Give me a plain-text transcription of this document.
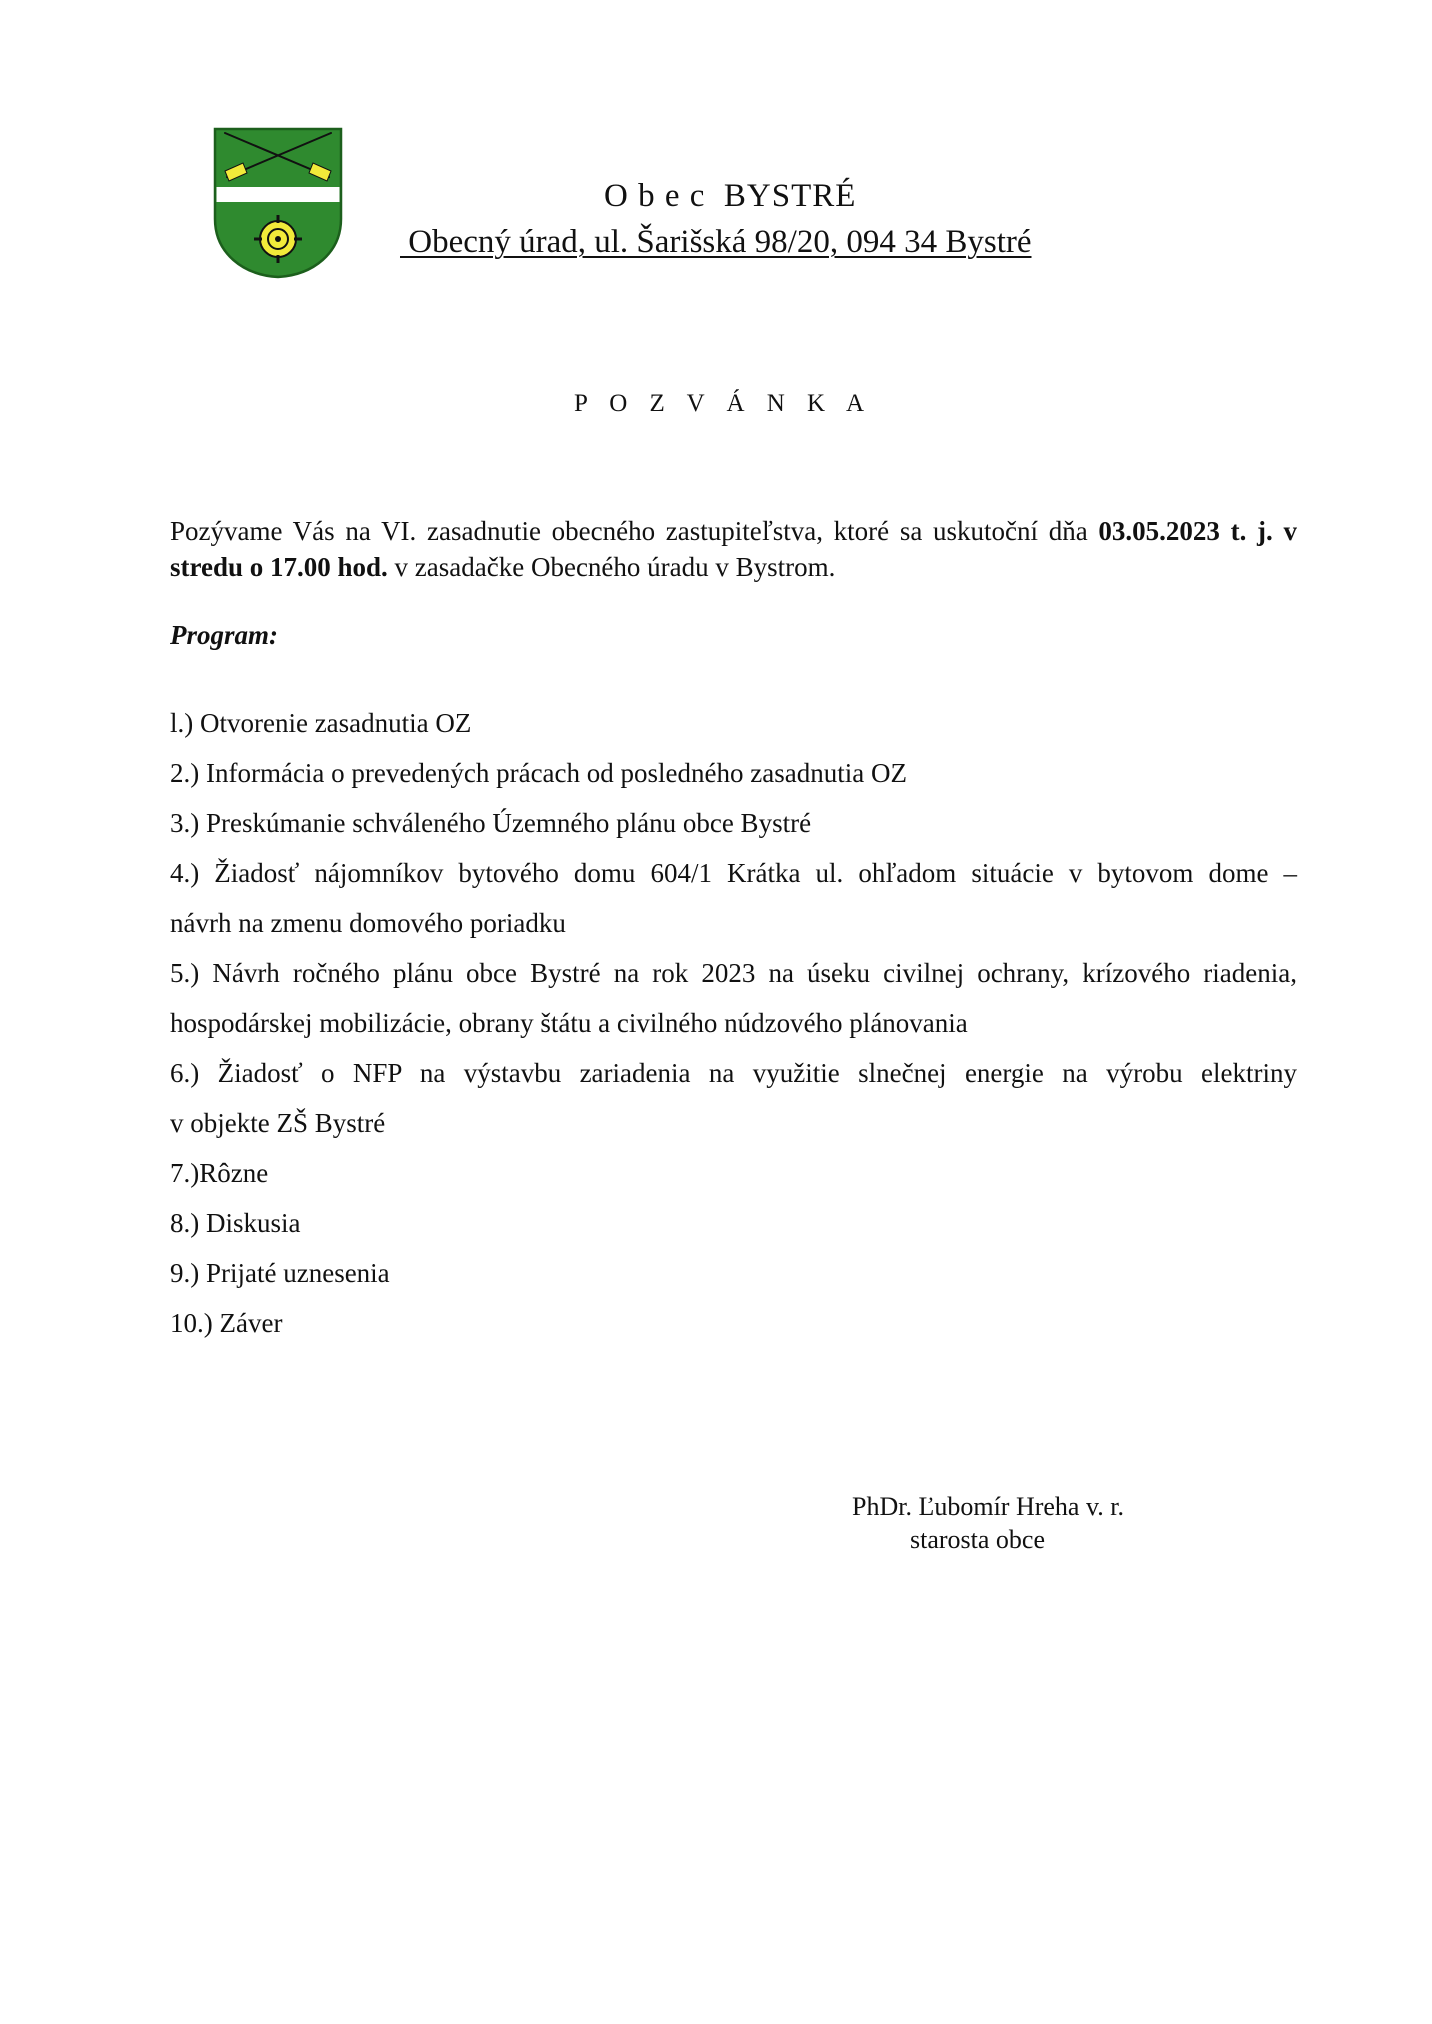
O b e c  BYSTRÉ
Obecný úrad, ul. Šarišská 98/20, 094 34 Bystré
P O Z V Á N K A

Pozývame Vás na VI. zasadnutie obecného zastupiteľstva, ktoré sa uskutoční dňa 03.05.2023 t. j. v stredu o 17.00 hod. v zasadačke Obecného úradu v Bystrom.

Program:
l.) Otvorenie zasadnutia OZ
2.) Informácia o prevedených prácach od posledného zasadnutia OZ
3.) Preskúmanie schváleného Územného plánu obce Bystré
4.) Žiadosť nájomníkov bytového domu 604/1 Krátka ul. ohľadom situácie v bytovom dome –
návrh na zmenu domového poriadku
5.) Návrh ročného plánu obce Bystré na rok 2023 na úseku civilnej ochrany, krízového riadenia,
hospodárskej mobilizácie, obrany štátu a civilného núdzového plánovania
6.) Žiadosť o NFP na výstavbu zariadenia na využitie slnečnej energie na výrobu elektriny
v objekte ZŠ Bystré
7.)Rôzne
8.) Diskusia
9.) Prijaté uznesenia
10.) Záver
PhDr. Ľubomír Hreha v. r.
starosta obce
